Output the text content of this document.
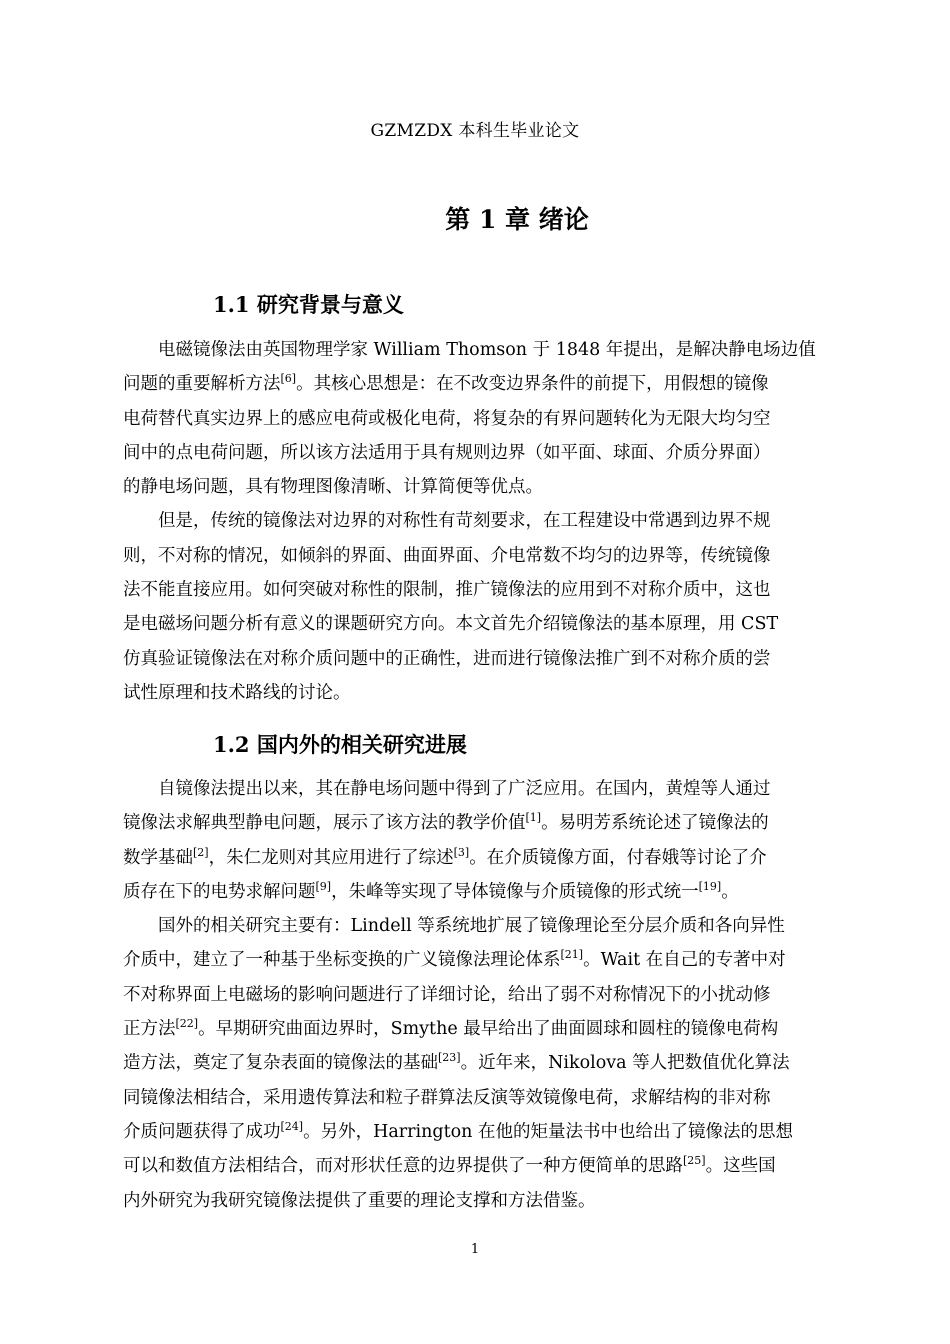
GZMZDX 本科生毕业论文
第 1 章 绪论
1.1 研究背景与意义

电磁镜像法由英国物理学家 William Thomson 于 1848 年提出，是解决静电场边值
问题的重要解析方法[6]。其核心思想是：在不改变边界条件的前提下，用假想的镜像
电荷替代真实边界上的感应电荷或极化电荷，将复杂的有界问题转化为无限大均匀空
间中的点电荷问题，所以该方法适用于具有规则边界（如平面、球面、介质分界面）
的静电场问题，具有物理图像清晰、计算简便等优点。

但是，传统的镜像法对边界的对称性有苛刻要求，在工程建设中常遇到边界不规
则，不对称的情况，如倾斜的界面、曲面界面、介电常数不均匀的边界等，传统镜像
法不能直接应用。如何突破对称性的限制，推广镜像法的应用到不对称介质中，这也
是电磁场问题分析有意义的课题研究方向。本文首先介绍镜像法的基本原理，用 CST
仿真验证镜像法在对称介质问题中的正确性，进而进行镜像法推广到不对称介质的尝
试性原理和技术路线的讨论。

1.2 国内外的相关研究进展

自镜像法提出以来，其在静电场问题中得到了广泛应用。在国内，黄煌等人通过
镜像法求解典型静电问题，展示了该方法的教学价值[1]。易明芳系统论述了镜像法的
数学基础[2]，朱仁龙则对其应用进行了综述[3]。在介质镜像方面，付春娥等讨论了介
质存在下的电势求解问题[9]，朱峰等实现了导体镜像与介质镜像的形式统一[19]。

国外的相关研究主要有：Lindell 等系统地扩展了镜像理论至分层介质和各向异性
介质中，建立了一种基于坐标变换的广义镜像法理论体系[21]。Wait 在自己的专著中对
不对称界面上电磁场的影响问题进行了详细讨论，给出了弱不对称情况下的小扰动修
正方法[22]。早期研究曲面边界时，Smythe 最早给出了曲面圆球和圆柱的镜像电荷构
造方法，奠定了复杂表面的镜像法的基础[23]。近年来，Nikolova 等人把数值优化算法
同镜像法相结合，采用遗传算法和粒子群算法反演等效镜像电荷，求解结构的非对称
介质问题获得了成功[24]。另外，Harrington 在他的矩量法书中也给出了镜像法的思想
可以和数值方法相结合，而对形状任意的边界提供了一种方便简单的思路[25]。这些国
内外研究为我研究镜像法提供了重要的理论支撑和方法借鉴。

1
